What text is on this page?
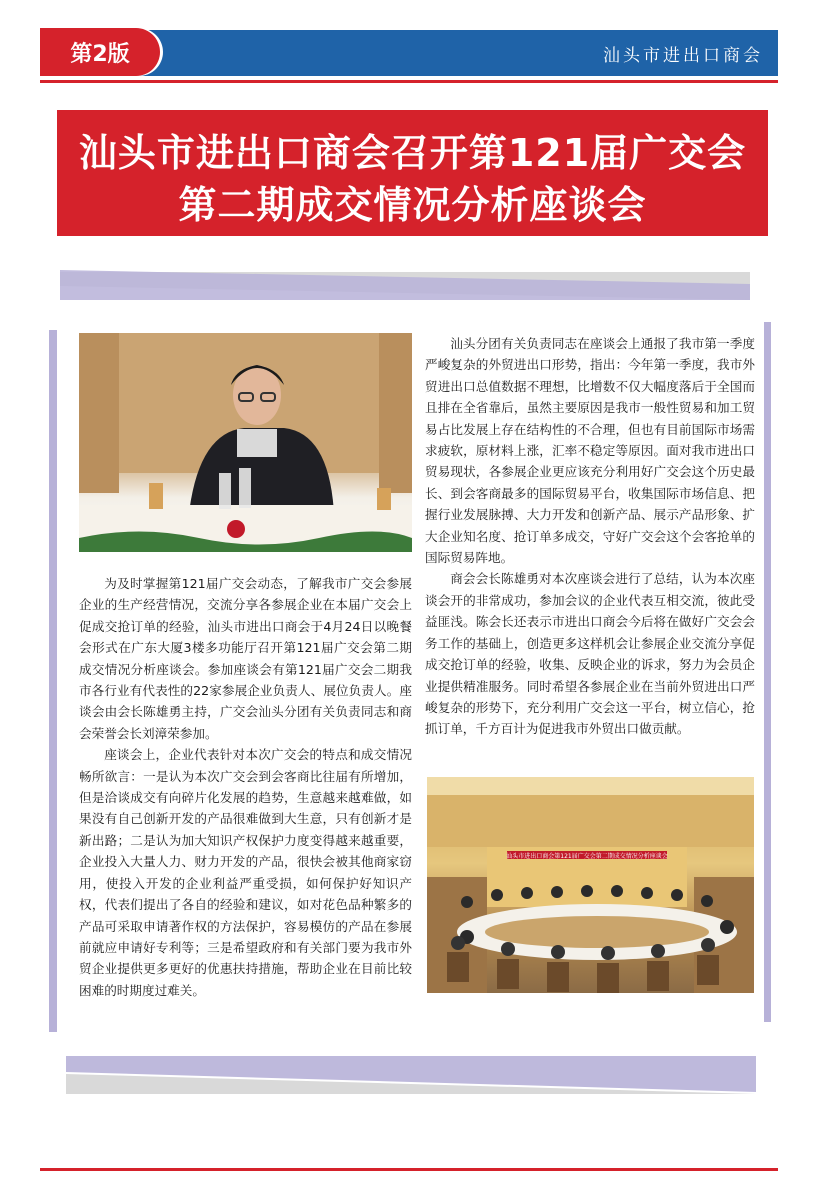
第2版	汕头市进出口商会
汕头市进出口商会召开第121届广交会
第二期成交情况分析座谈会

为及时掌握第121届广交会动态，了解我市广交会参展企业的生产经营情况，交流分享各参展企业在本届广交会上促成交抢订单的经验，汕头市进出口商会于4月24日以晚餐会形式在广东大厦3楼多功能厅召开第121届广交会第二期成交情况分析座谈会。参加座谈会有第121届广交会二期我市各行业有代表性的22家参展企业负责人、展位负责人。座谈会由会长陈雄勇主持，广交会汕头分团有关负责同志和商会荣誉会长刘漳荣参加。

座谈会上，企业代表针对本次广交会的特点和成交情况畅所欲言：一是认为本次广交会到会客商比往届有所增加，但是洽谈成交有向碎片化发展的趋势，生意越来越难做，如果没有自己创新开发的产品很难做到大生意，只有创新才是新出路；二是认为加大知识产权保护力度变得越来越重要，企业投入大量人力、财力开发的产品，很快会被其他商家窃用，使投入开发的企业利益严重受损，如何保护好知识产权，代表们提出了各自的经验和建议，如对花色品种繁多的产品可采取申请著作权的方法保护，容易模仿的产品在参展前就应申请好专利等；三是希望政府和有关部门要为我市外贸企业提供更多更好的优惠扶持措施，帮助企业在目前比较困难的时期度过难关。

汕头分团有关负责同志在座谈会上通报了我市第一季度严峻复杂的外贸进出口形势，指出：今年第一季度，我市外贸进出口总值数据不理想，比增数不仅大幅度落后于全国而且排在全省靠后，虽然主要原因是我市一般性贸易和加工贸易占比发展上存在结构性的不合理，但也有目前国际市场需求疲软，原材料上涨，汇率不稳定等原因。面对我市进出口贸易现状，各参展企业更应该充分利用好广交会这个历史最长、到会客商最多的国际贸易平台，收集国际市场信息、把握行业发展脉搏、大力开发和创新产品、展示产品形象、扩大企业知名度、抢订单多成交，守好广交会这个会客抢单的国际贸易阵地。

商会会长陈雄勇对本次座谈会进行了总结，认为本次座谈会开的非常成功，参加会议的企业代表互相交流，彼此受益匪浅。陈会长还表示市进出口商会今后将在做好广交会会务工作的基础上，创造更多这样机会让参展企业交流分享促成交抢订单的经验，收集、反映企业的诉求，努力为会员企业提供精准服务。同时希望各参展企业在当前外贸进出口严峻复杂的形势下，充分利用广交会这一平台，树立信心，抢抓订单，千方百计为促进我市外贸出口做贡献。

汕头市进出口商会第121届广交会第二期成交情况分析座谈会
